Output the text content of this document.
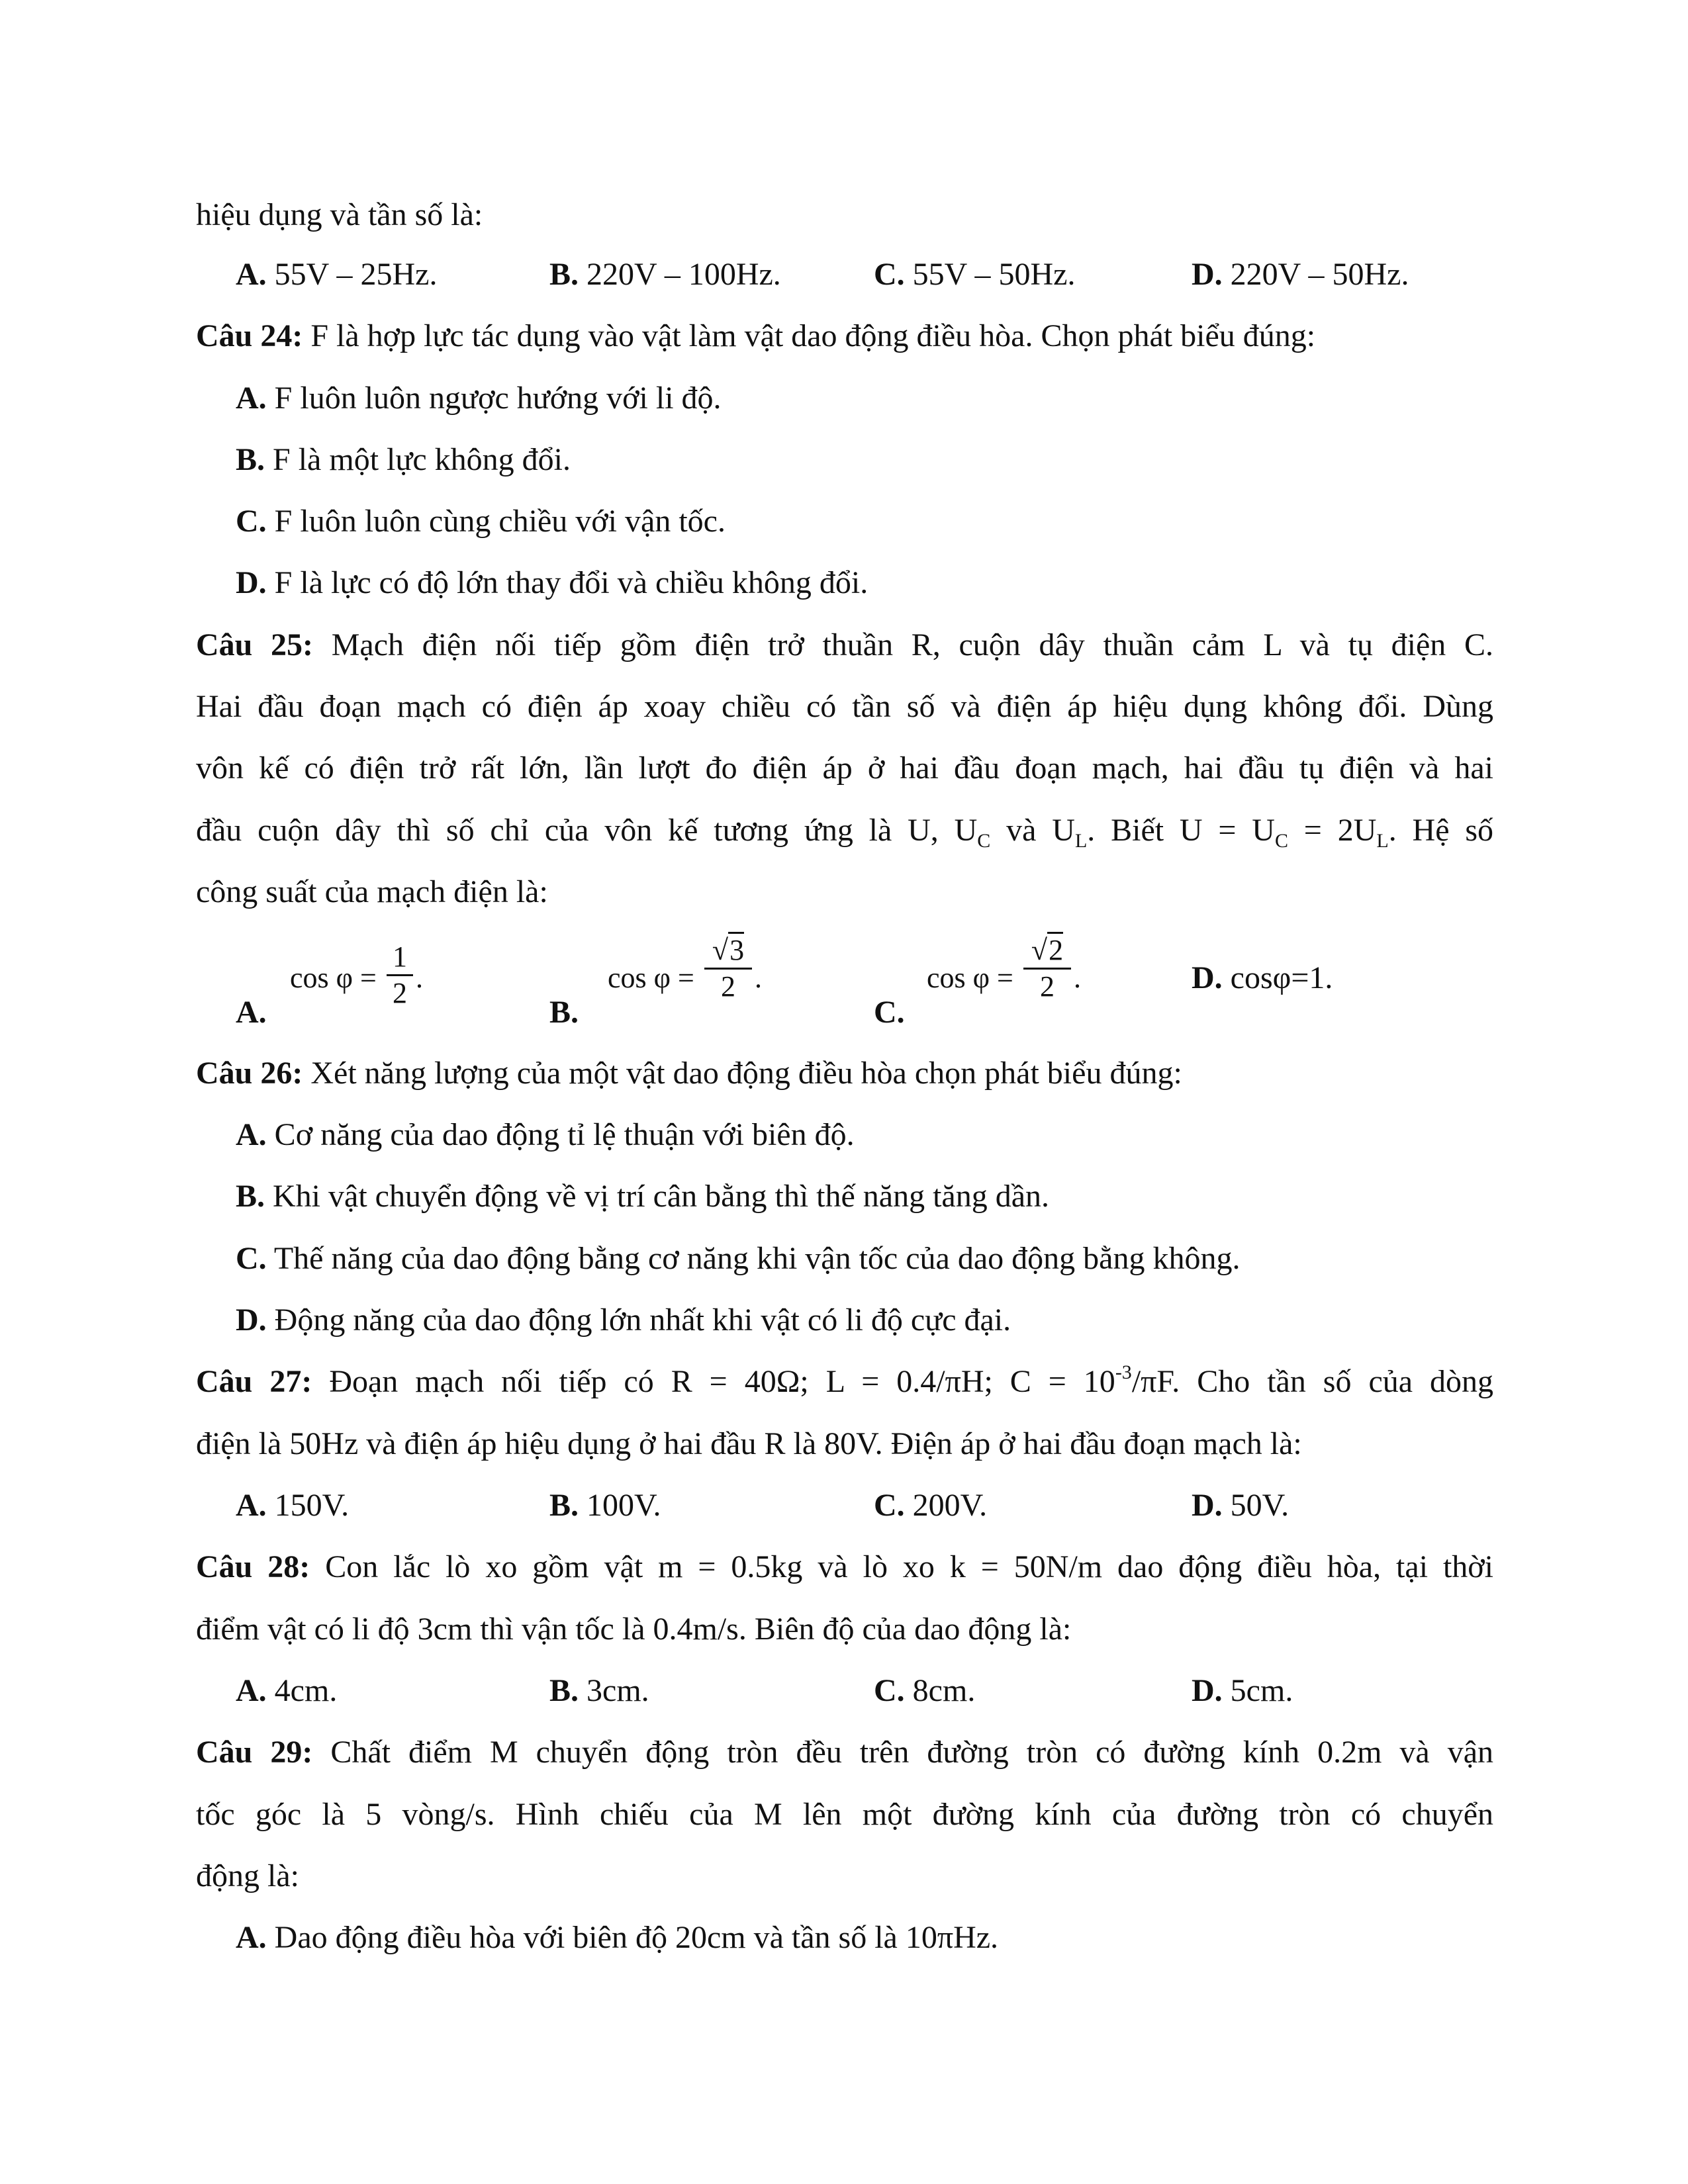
hiệu dụng và tần số là:
A. 55V – 25Hz.	B. 220V – 100Hz.	C. 55V – 50Hz.	D. 220V – 50Hz.
Câu 24: F là hợp lực tác dụng vào vật làm vật dao động điều hòa. Chọn phát biểu đúng:
A. F luôn luôn ngược hướng với li độ.
B. F là một lực không đổi.
C. F luôn luôn cùng chiều với vận tốc.
D. F là lực có độ lớn thay đổi và chiều không đổi.
Câu 25: Mạch điện nối tiếp gồm điện trở thuần R, cuộn dây thuần cảm L và tụ điện C.
Hai đầu đoạn mạch có điện áp xoay chiều có tần số và điện áp hiệu dụng không đổi. Dùng
vôn kế có điện trở rất lớn, lần lượt đo điện áp ở hai đầu đoạn mạch, hai đầu tụ điện và hai
đầu cuộn dây thì số chỉ của vôn kế tương ứng là U, $U_C$ và $U_L$. Biết $U = U_C = 2U_L$. Hệ số
công suất của mạch điện là:
A.
cos φ =
1
2 .
B.
cos φ =
√3
2 .
C.
cos φ =
√2
2 .	D. cosφ=1.
Câu 26: Xét năng lượng của một vật dao động điều hòa chọn phát biểu đúng:
A. Cơ năng của dao động tỉ lệ thuận với biên độ.
B. Khi vật chuyển động về vị trí cân bằng thì thế năng tăng dần.
C. Thế năng của dao động bằng cơ năng khi vận tốc của dao động bằng không.
D. Động năng của dao động lớn nhất khi vật có li độ cực đại.
Câu 27: Đoạn mạch nối tiếp có R = 40Ω; L = 0.4/πH; $C = 10^{-3}/\pi F$. Cho tần số của dòng
điện là 50Hz và điện áp hiệu dụng ở hai đầu R là 80V. Điện áp ở hai đầu đoạn mạch là:
A. 150V.	B. 100V.	C. 200V.	D. 50V.
Câu 28: Con lắc lò xo gồm vật m = 0.5kg và lò xo k = 50N/m dao động điều hòa, tại thời
điểm vật có li độ 3cm thì vận tốc là 0.4m/s. Biên độ của dao động là:
A. 4cm.	B. 3cm.	C. 8cm.	D. 5cm.
Câu 29: Chất điểm M chuyển động tròn đều trên đường tròn có đường kính 0.2m và vận
tốc góc là 5 vòng/s. Hình chiếu của M lên một đường kính của đường tròn có chuyển
động là:
A. Dao động điều hòa với biên độ 20cm và tần số là 10πHz.
